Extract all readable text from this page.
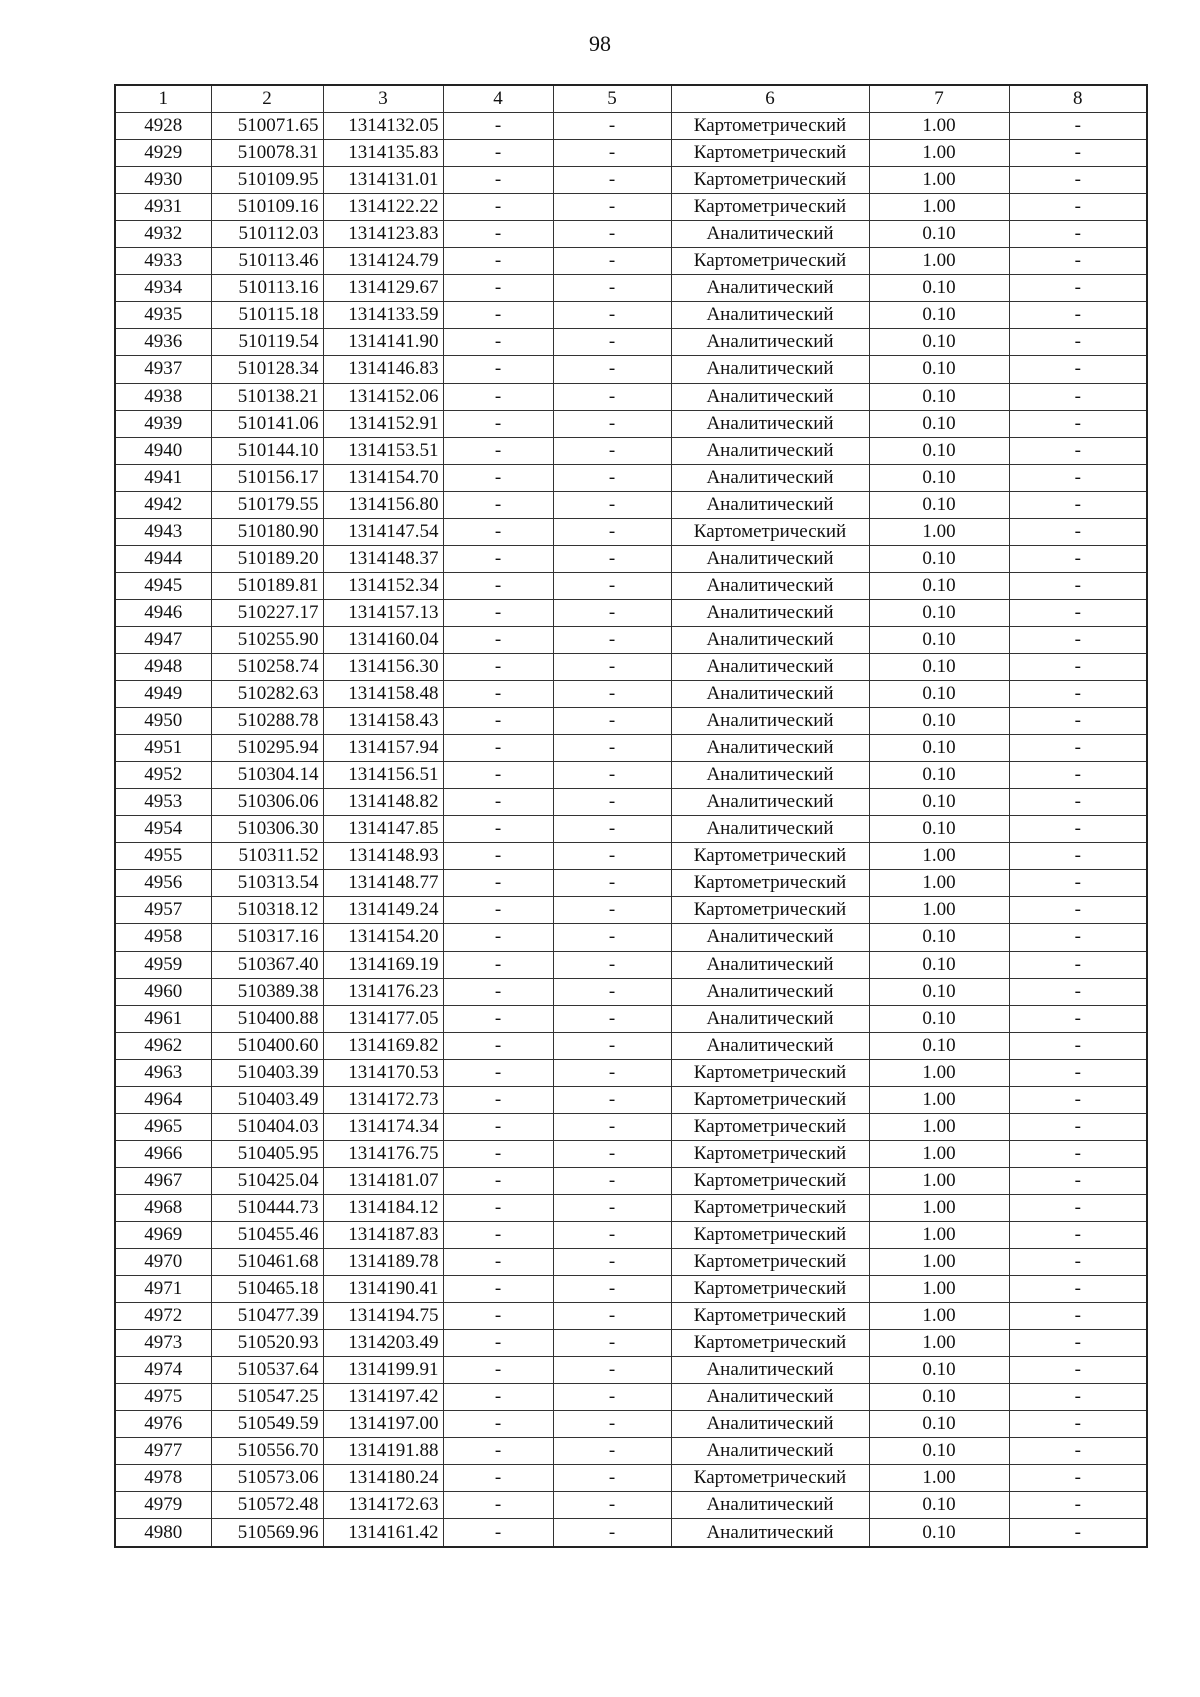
98
1	2	3	4	5	6	7	8
4928	510071.65	1314132.05	-	-	Картометрический	1.00	-
4929	510078.31	1314135.83	-	-	Картометрический	1.00	-
4930	510109.95	1314131.01	-	-	Картометрический	1.00	-
4931	510109.16	1314122.22	-	-	Картометрический	1.00	-
4932	510112.03	1314123.83	-	-	Аналитический	0.10	-
4933	510113.46	1314124.79	-	-	Картометрический	1.00	-
4934	510113.16	1314129.67	-	-	Аналитический	0.10	-
4935	510115.18	1314133.59	-	-	Аналитический	0.10	-
4936	510119.54	1314141.90	-	-	Аналитический	0.10	-
4937	510128.34	1314146.83	-	-	Аналитический	0.10	-
4938	510138.21	1314152.06	-	-	Аналитический	0.10	-
4939	510141.06	1314152.91	-	-	Аналитический	0.10	-
4940	510144.10	1314153.51	-	-	Аналитический	0.10	-
4941	510156.17	1314154.70	-	-	Аналитический	0.10	-
4942	510179.55	1314156.80	-	-	Аналитический	0.10	-
4943	510180.90	1314147.54	-	-	Картометрический	1.00	-
4944	510189.20	1314148.37	-	-	Аналитический	0.10	-
4945	510189.81	1314152.34	-	-	Аналитический	0.10	-
4946	510227.17	1314157.13	-	-	Аналитический	0.10	-
4947	510255.90	1314160.04	-	-	Аналитический	0.10	-
4948	510258.74	1314156.30	-	-	Аналитический	0.10	-
4949	510282.63	1314158.48	-	-	Аналитический	0.10	-
4950	510288.78	1314158.43	-	-	Аналитический	0.10	-
4951	510295.94	1314157.94	-	-	Аналитический	0.10	-
4952	510304.14	1314156.51	-	-	Аналитический	0.10	-
4953	510306.06	1314148.82	-	-	Аналитический	0.10	-
4954	510306.30	1314147.85	-	-	Аналитический	0.10	-
4955	510311.52	1314148.93	-	-	Картометрический	1.00	-
4956	510313.54	1314148.77	-	-	Картометрический	1.00	-
4957	510318.12	1314149.24	-	-	Картометрический	1.00	-
4958	510317.16	1314154.20	-	-	Аналитический	0.10	-
4959	510367.40	1314169.19	-	-	Аналитический	0.10	-
4960	510389.38	1314176.23	-	-	Аналитический	0.10	-
4961	510400.88	1314177.05	-	-	Аналитический	0.10	-
4962	510400.60	1314169.82	-	-	Аналитический	0.10	-
4963	510403.39	1314170.53	-	-	Картометрический	1.00	-
4964	510403.49	1314172.73	-	-	Картометрический	1.00	-
4965	510404.03	1314174.34	-	-	Картометрический	1.00	-
4966	510405.95	1314176.75	-	-	Картометрический	1.00	-
4967	510425.04	1314181.07	-	-	Картометрический	1.00	-
4968	510444.73	1314184.12	-	-	Картометрический	1.00	-
4969	510455.46	1314187.83	-	-	Картометрический	1.00	-
4970	510461.68	1314189.78	-	-	Картометрический	1.00	-
4971	510465.18	1314190.41	-	-	Картометрический	1.00	-
4972	510477.39	1314194.75	-	-	Картометрический	1.00	-
4973	510520.93	1314203.49	-	-	Картометрический	1.00	-
4974	510537.64	1314199.91	-	-	Аналитический	0.10	-
4975	510547.25	1314197.42	-	-	Аналитический	0.10	-
4976	510549.59	1314197.00	-	-	Аналитический	0.10	-
4977	510556.70	1314191.88	-	-	Аналитический	0.10	-
4978	510573.06	1314180.24	-	-	Картометрический	1.00	-
4979	510572.48	1314172.63	-	-	Аналитический	0.10	-
4980	510569.96	1314161.42	-	-	Аналитический	0.10	-
